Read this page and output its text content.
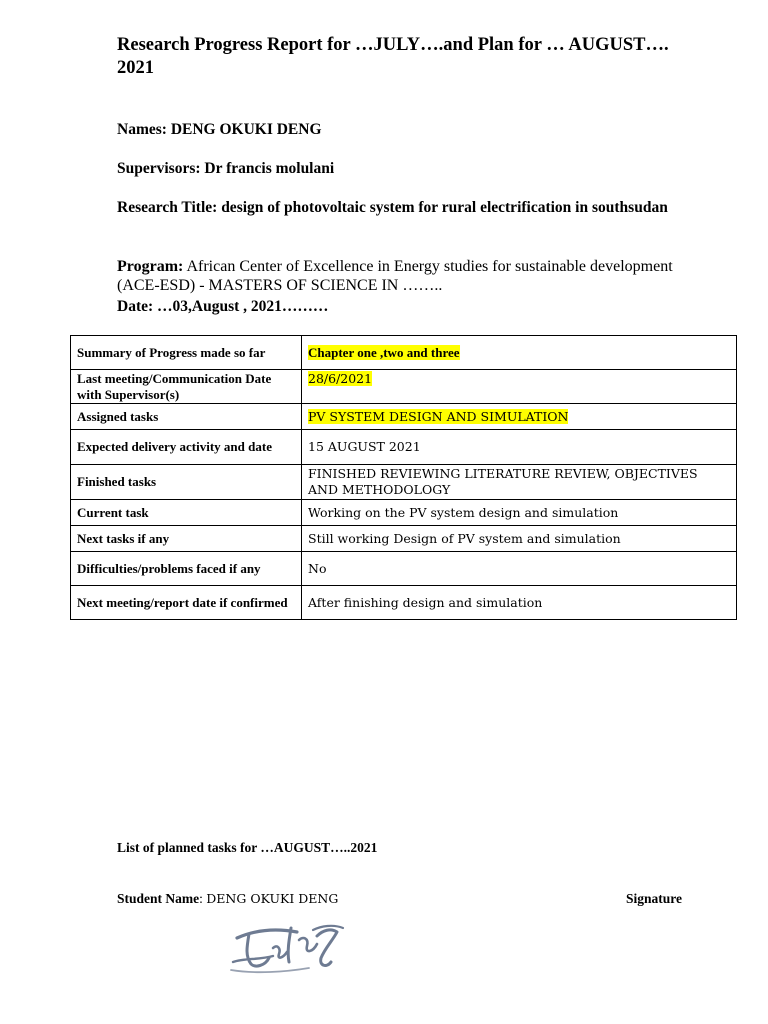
Research Progress Report for …JULY….and Plan for … AUGUST…. 2021
Names: DENG OKUKI DENG
Supervisors: Dr francis molulani
Research Title: design of photovoltaic system for rural electrification in southsudan
Program: African Center of Excellence in Energy studies for sustainable development (ACE-ESD) - MASTERS OF SCIENCE IN ……..
Date: …03,August , 2021………
Summary of Progress made so far	Chapter one ,two and three
Last meeting/Communication Date with Supervisor(s)	28/6/2021
Assigned tasks	PV SYSTEM DESIGN AND SIMULATION
Expected delivery activity and date	15 AUGUST 2021
Finished tasks	FINISHED REVIEWING LITERATURE REVIEW, OBJECTIVES AND METHODOLOGY
Current task	Working on the PV system design and simulation
Next tasks if any	Still working Design of PV system and simulation
Difficulties/problems faced if any	No
Next meeting/report date if confirmed	After finishing design and simulation
List of planned tasks for …AUGUST…..2021
Student Name: DENG OKUKI DENG	Signature
